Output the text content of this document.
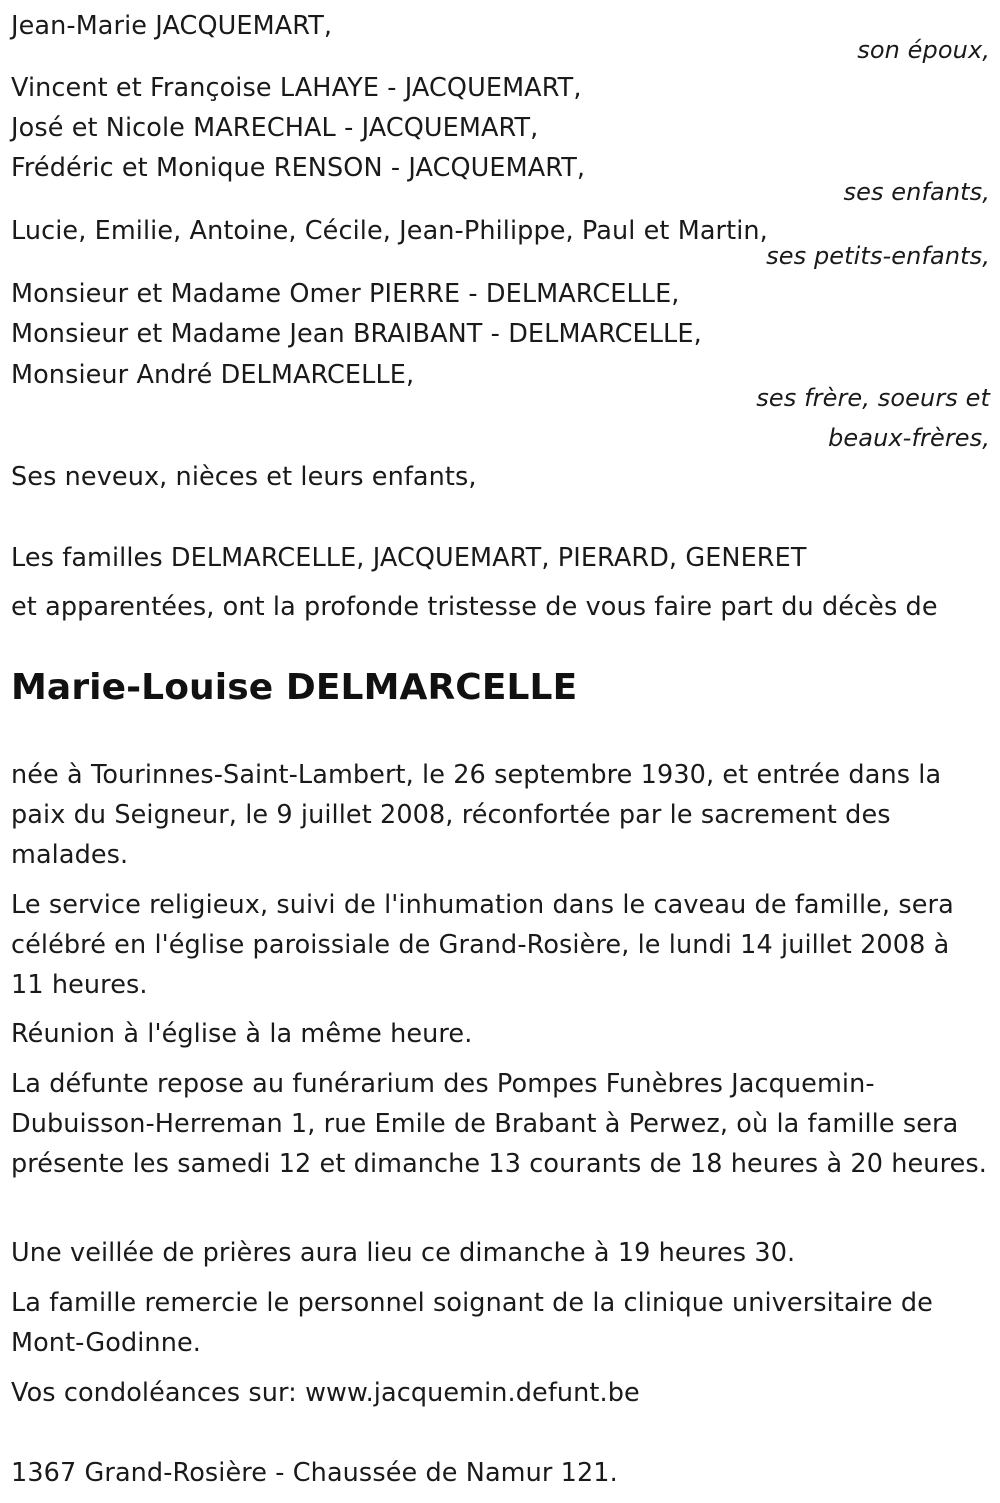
Jean-Marie JACQUEMART,
son époux,
Vincent et Françoise LAHAYE - JACQUEMART,
José et Nicole MARECHAL - JACQUEMART,
Frédéric et Monique RENSON - JACQUEMART,
ses enfants,
Lucie, Emilie, Antoine, Cécile, Jean-Philippe, Paul et Martin,
ses petits-enfants,
Monsieur et Madame Omer PIERRE - DELMARCELLE,
Monsieur et Madame Jean BRAIBANT - DELMARCELLE,
Monsieur André DELMARCELLE,
ses frère, soeurs et
beaux-frères,
Ses neveux, nièces et leurs enfants,
Les familles DELMARCELLE, JACQUEMART, PIERARD, GENERET
et apparentées, ont la profonde tristesse de vous faire part du décès de
Marie-Louise DELMARCELLE
née à Tourinnes-Saint-Lambert, le 26 septembre 1930, et entrée dans la paix du Seigneur, le 9 juillet 2008, réconfortée par le sacrement des malades.
Le service religieux, suivi de l'inhumation dans le caveau de famille, sera célébré en l'église paroissiale de Grand-Rosière, le lundi 14 juillet 2008 à 11 heures.
Réunion à l'église à la même heure.
La défunte repose au funérarium des Pompes Funèbres Jacquemin-Dubuisson-Herreman 1, rue Emile de Brabant à Perwez, où la famille sera présente les samedi 12 et dimanche 13 courants de 18 heures à 20 heures.
Une veillée de prières aura lieu ce dimanche à 19 heures 30.
La famille remercie le personnel soignant de la clinique universitaire de Mont-Godinne.
Vos condoléances sur: www.jacquemin.defunt.be
1367 Grand-Rosière - Chaussée de Namur 121.
